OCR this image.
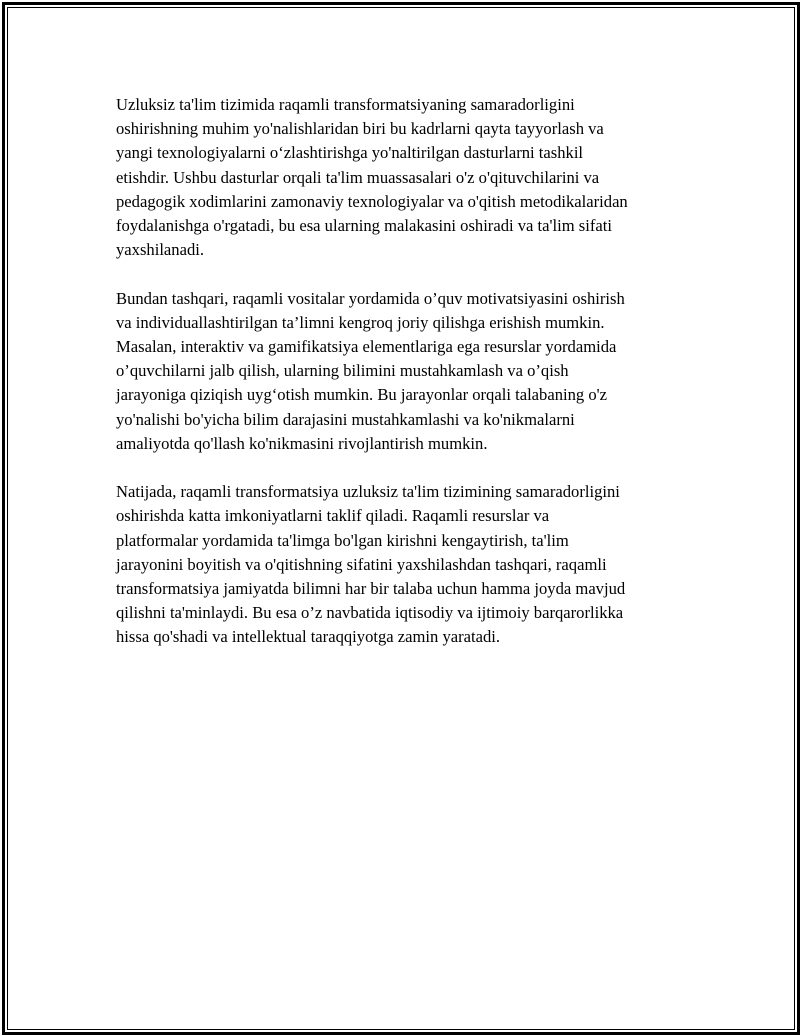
Uzluksiz ta'lim tizimida raqamli transformatsiyaning samaradorligini
oshirishning muhim yo'nalishlaridan biri bu kadrlarni qayta tayyorlash va
yangi texnologiyalarni o‘zlashtirishga yo'naltirilgan dasturlarni tashkil
etishdir. Ushbu dasturlar orqali ta'lim muassasalari o'z o'qituvchilarini va
pedagogik xodimlarini zamonaviy texnologiyalar va o'qitish metodikalaridan
foydalanishga o'rgatadi, bu esa ularning malakasini oshiradi va ta'lim sifati
yaxshilanadi.

Bundan tashqari, raqamli vositalar yordamida o’quv motivatsiyasini oshirish
va individuallashtirilgan ta’limni kengroq joriy qilishga erishish mumkin.
Masalan, interaktiv va gamifikatsiya elementlariga ega resurslar yordamida
o’quvchilarni jalb qilish, ularning bilimini mustahkamlash va o’qish
jarayoniga qiziqish uyg‘otish mumkin. Bu jarayonlar orqali talabaning o'z
yo'nalishi bo'yicha bilim darajasini mustahkamlashi va ko'nikmalarni
amaliyotda qo'llash ko'nikmasini rivojlantirish mumkin.

Natijada, raqamli transformatsiya uzluksiz ta'lim tizimining samaradorligini
oshirishda katta imkoniyatlarni taklif qiladi. Raqamli resurslar va
platformalar yordamida ta'limga bo'lgan kirishni kengaytirish, ta'lim
jarayonini boyitish va o'qitishning sifatini yaxshilashdan tashqari, raqamli
transformatsiya jamiyatda bilimni har bir talaba uchun hamma joyda mavjud
qilishni ta'minlaydi. Bu esa o’z navbatida iqtisodiy va ijtimoiy barqarorlikka
hissa qo'shadi va intellektual taraqqiyotga zamin yaratadi.
